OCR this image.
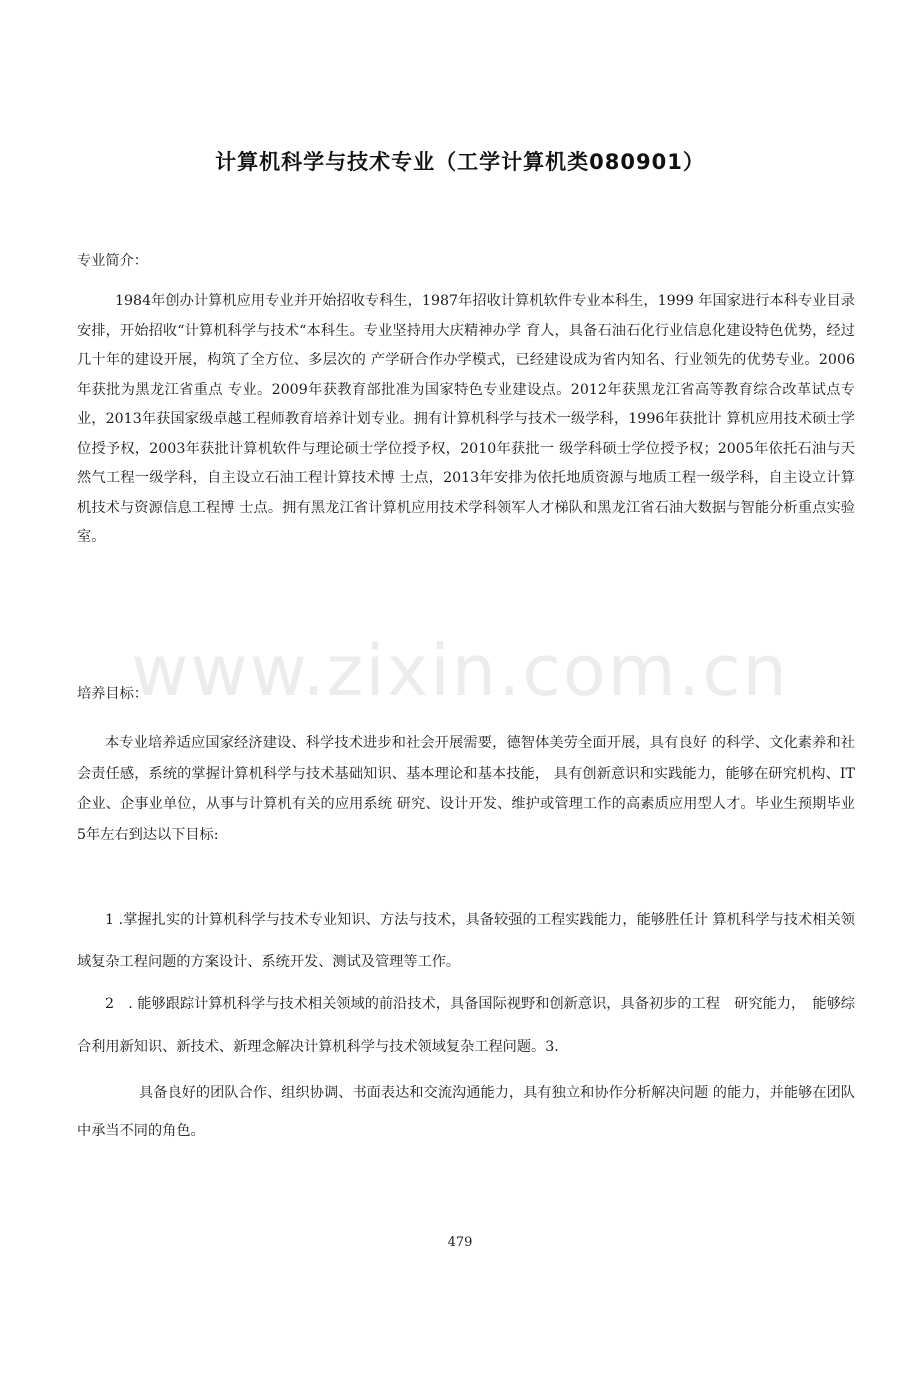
www.zixin.com.cn
计算机科学与技术专业（工学计算机类080901）

专业简介：

1984年创办计算机应用专业并开始招收专科生，1987年招收计算机软件专业本科生，1999 年国家进行本科专业目录安排，开始招收“计算机科学与技术“本科生。专业坚持用大庆精神办学 育人，具备石油石化行业信息化建设特色优势，经过几十年的建设开展，构筑了全方位、多层次的 产学研合作办学模式，已经建设成为省内知名、行业领先的优势专业。2006年获批为黑龙江省重点 专业。2009年获教育部批准为国家特色专业建设点。2012年获黑龙江省高等教育综合改革试点专 业，2013年获国家级卓越工程师教育培养计划专业。拥有计算机科学与技术一级学科，1996年获批计 算机应用技术硕士学位授予权，2003年获批计算机软件与理论硕士学位授予权，2010年获批一 级学科硕士学位授予权；2005年依托石油与天然气工程一级学科，自主设立石油工程计算技术博 士点，2013年安排为依托地质资源与地质工程一级学科，自主设立计算机技术与资源信息工程博 士点。拥有黑龙江省计算机应用技术学科领军人才梯队和黑龙江省石油大数据与智能分析重点实验 室。

培养目标：

本专业培养适应国家经济建设、科学技术进步和社会开展需要，德智体美劳全面开展，具有良好 的科学、文化素养和社会责任感，系统的掌握计算机科学与技术基础知识、基本理论和基本技能， 具有创新意识和实践能力，能够在研究机构、IT企业、企事业单位，从事与计算机有关的应用系统 研究、设计开发、维护或管理工作的高素质应用型人才。毕业生预期毕业5年左右到达以下目标:

1 .掌握扎实的计算机科学与技术专业知识、方法与技术，具备较强的工程实践能力，能够胜任计 算机科学与技术相关领域复杂工程问题的方案设计、系统开发、测试及管理等工作。

2　. 能够跟踪计算机科学与技术相关领域的前沿技术，具备国际视野和创新意识，具备初步的工程　研究能力，　能够综合利用新知识、新技术、新理念解决计算机科学与技术领域复杂工程问题。3.

具备良好的团队合作、组织协调、书面表达和交流沟通能力，具有独立和协作分析解决问题 的能力，并能够在团队中承当不同的角色。

479
